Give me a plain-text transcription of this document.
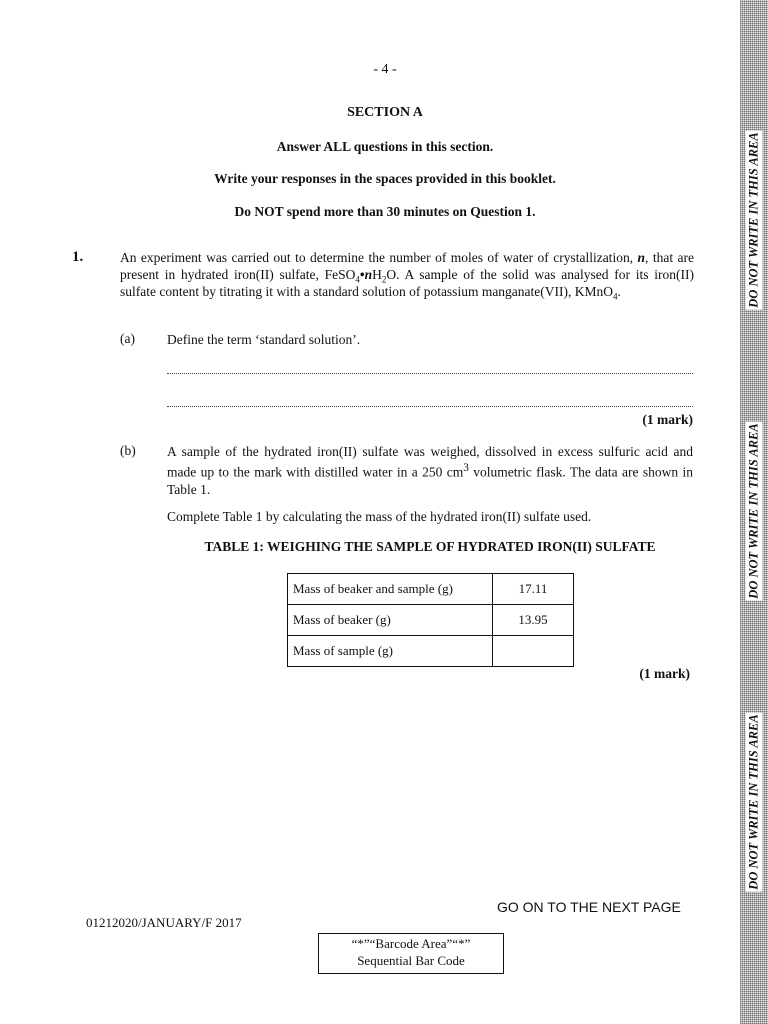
- 4 -
SECTION A
Answer ALL questions in this section.
Write your responses in the spaces provided in this booklet.
Do NOT spend more than 30 minutes on Question 1.
1.	An experiment was carried out to determine the number of moles of water of crystallization, n, that are present in hydrated iron(II) sulfate, $FeSO_4•nH_2O$. A sample of the solid was analysed for its iron(II) sulfate content by titrating it with a standard solution of potassium manganate(VII), KMnO$_4$.
(a) Define the term ‘standard solution’.
(1 mark)
(b) A sample of the hydrated iron(II) sulfate was weighed, dissolved in excess sulfuric acid and made up to the mark with distilled water in a 250 $cm^3$ volumetric flask. The data are shown in Table 1.
Complete Table 1 by calculating the mass of the hydrated iron(II) sulfate used.
TABLE 1: WEIGHING THE SAMPLE OF HYDRATED IRON(II) SULFATE
Mass of beaker and sample (g)	17.11
Mass of beaker (g)	13.95
Mass of sample (g)	
(1 mark)
GO ON TO THE NEXT PAGE
01212020/JANUARY/F 2017
“*”“Barcode Area”“*”
Sequential Bar Code
DO NOT WRITE IN THIS AREA
DO NOT WRITE IN THIS AREA
DO NOT WRITE IN THIS AREA
